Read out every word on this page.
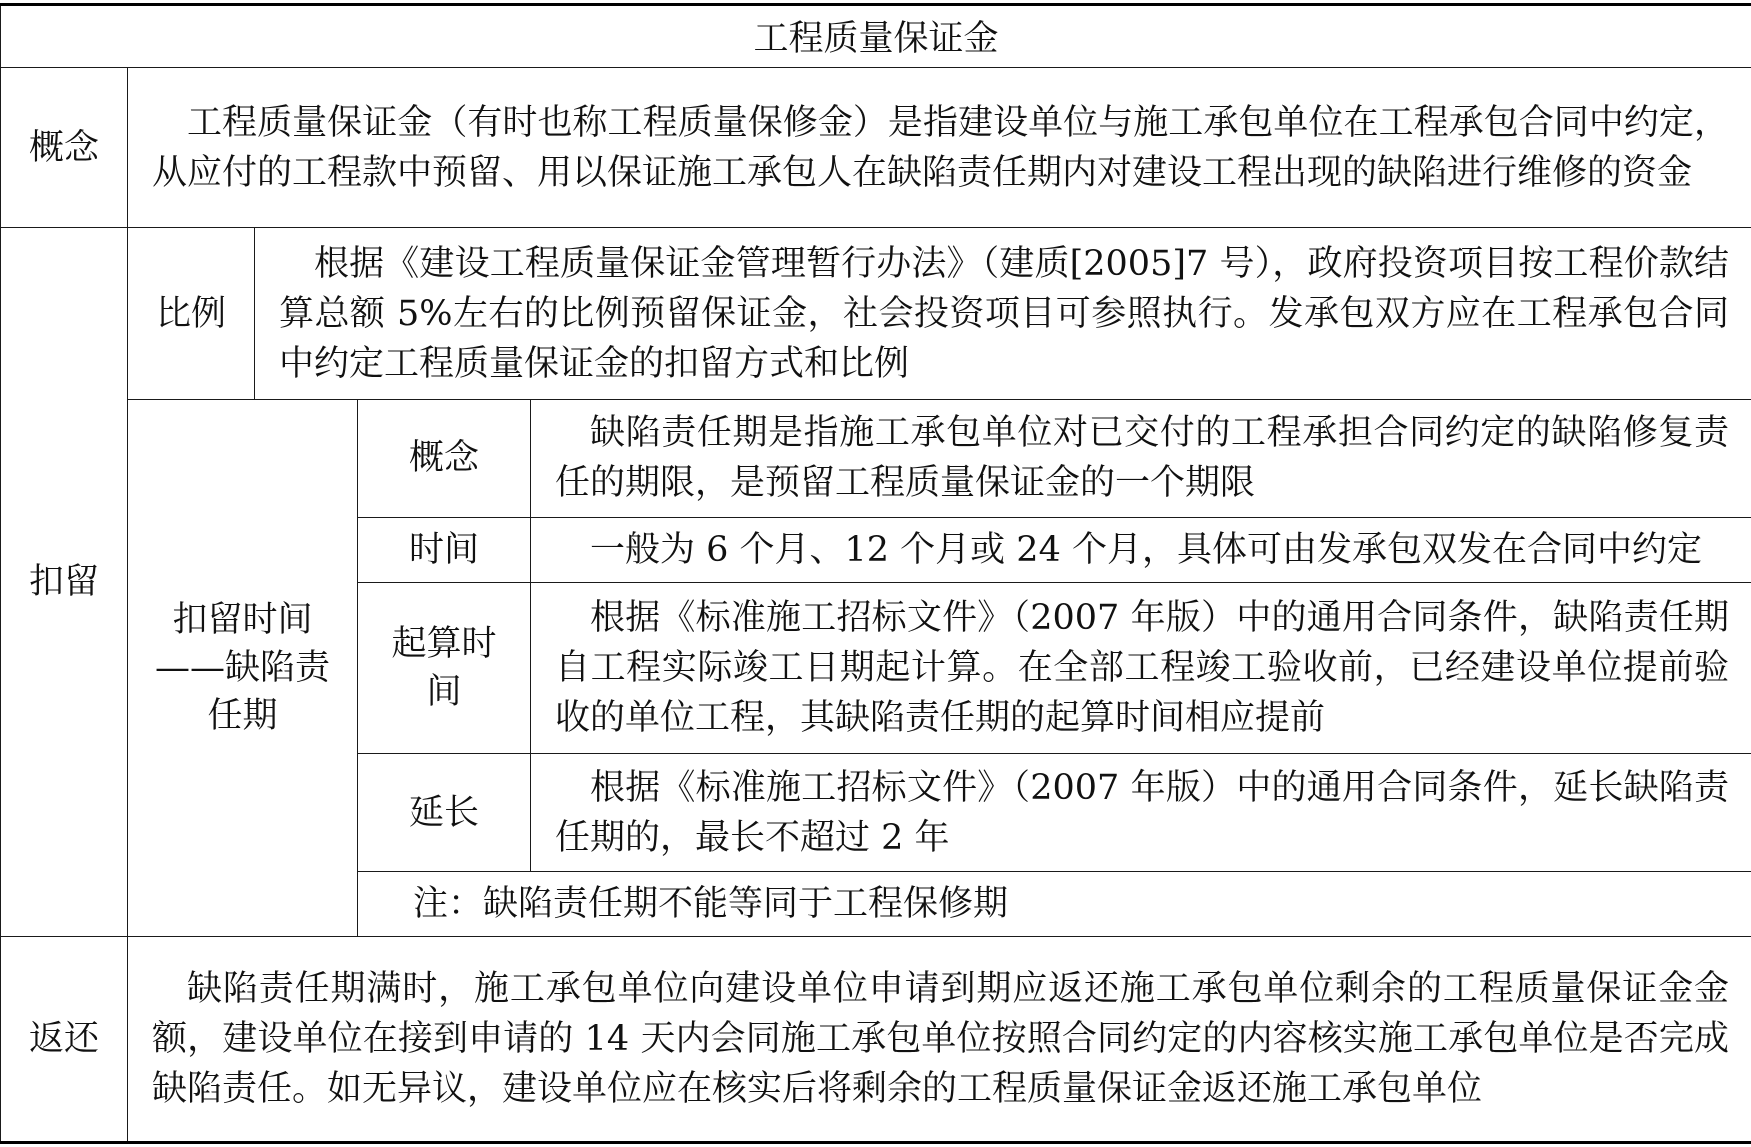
工程质量保证金				
概念	工程质量保证金（有时也称工程质量保修金）是指建设单位与施工承包单位在工程承包合同中约定，从应付的工程款中预留、用以保证施工承包人在缺陷责任期内对建设工程出现的缺陷进行维修的资金			
扣留	比例	根据《建设工程质量保证金管理暂行办法》（建质[2005]7 号），政府投资项目按工程价款结算总额 5%左右的比例预留保证金，社会投资项目可参照执行。发承包双方应在工程承包合同中约定工程质量保证金的扣留方式和比例		
	扣留时间——缺陷责任期		概念	缺陷责任期是指施工承包单位对已交付的工程承担合同约定的缺陷修复责任的期限，是预留工程质量保证金的一个期限
			时间	一般为 6 个月、12 个月或 24 个月，具体可由发承包双发在合同中约定
			起算时间	根据《标准施工招标文件》（2007 年版）中的通用合同条件，缺陷责任期自工程实际竣工日期起计算。在全部工程竣工验收前，已经建设单位提前验收的单位工程，其缺陷责任期的起算时间相应提前
			延长	根据《标准施工招标文件》（2007 年版）中的通用合同条件，延长缺陷责任期的，最长不超过 2 年
			注：缺陷责任期不能等同于工程保修期	
返还	缺陷责任期满时，施工承包单位向建设单位申请到期应返还施工承包单位剩余的工程质量保证金金额，建设单位在接到申请的 14 天内会同施工承包单位按照合同约定的内容核实施工承包单位是否完成缺陷责任。如无异议，建设单位应在核实后将剩余的工程质量保证金返还施工承包单位			
